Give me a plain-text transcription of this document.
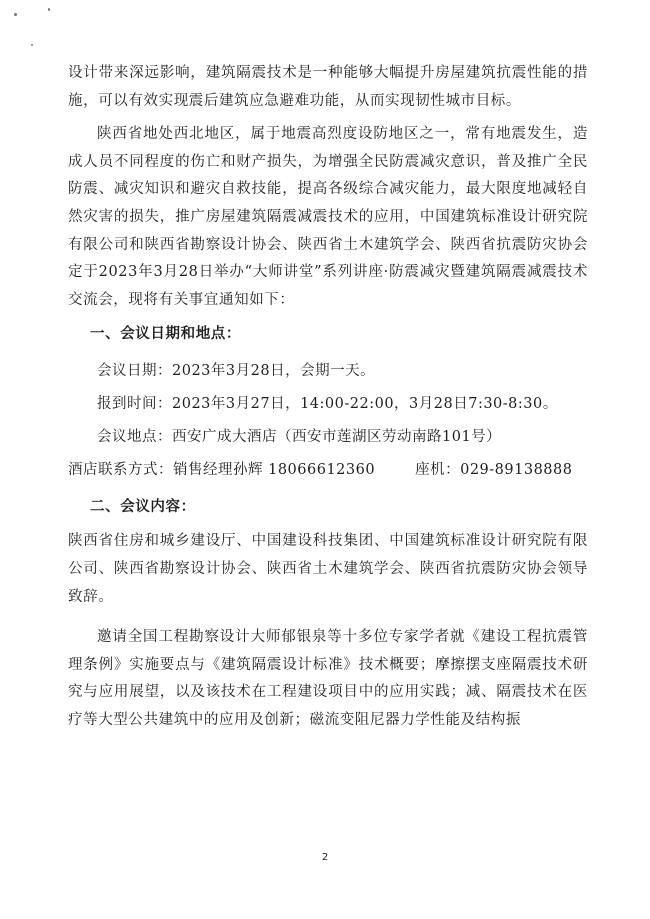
设计带来深远影响，建筑隔震技术是一种能够大幅提升房屋建筑抗震性能的措施，可以有效实现震后建筑应急避难功能，从而实现韧性城市目标。

陕西省地处西北地区，属于地震高烈度设防地区之一，常有地震发生，造成人员不同程度的伤亡和财产损失，为增强全民防震减灾意识，普及推广全民防震、减灾知识和避灾自救技能，提高各级综合减灾能力，最大限度地减轻自然灾害的损失，推广房屋建筑隔震减震技术的应用，中国建筑标准设计研究院有限公司和陕西省勘察设计协会、陕西省土木建筑学会、陕西省抗震防灾协会定于2023年3月28日举办“大师讲堂”系列讲座·防震减灾暨建筑隔震减震技术交流会，现将有关事宜通知如下：

一、会议日期和地点：
会议日期：2023年3月28日，会期一天。
报到时间：2023年3月27日，14:00-22:00，3月28日7:30-8:30。
会议地点：西安广成大酒店（西安市莲湖区劳动南路101号）
酒店联系方式：销售经理孙辉 18066612360	座机：029-89138888
二、会议内容：

陕西省住房和城乡建设厅、中国建设科技集团、中国建筑标准设计研究院有限公司、陕西省勘察设计协会、陕西省土木建筑学会、陕西省抗震防灾协会领导致辞。

邀请全国工程勘察设计大师郁银泉等十多位专家学者就《建设工程抗震管理条例》实施要点与《建筑隔震设计标准》技术概要；摩擦摆支座隔震技术研究与应用展望，以及该技术在工程建设项目中的应用实践；减、隔震技术在医疗等大型公共建筑中的应用及创新；磁流变阻尼器力学性能及结构振

2
